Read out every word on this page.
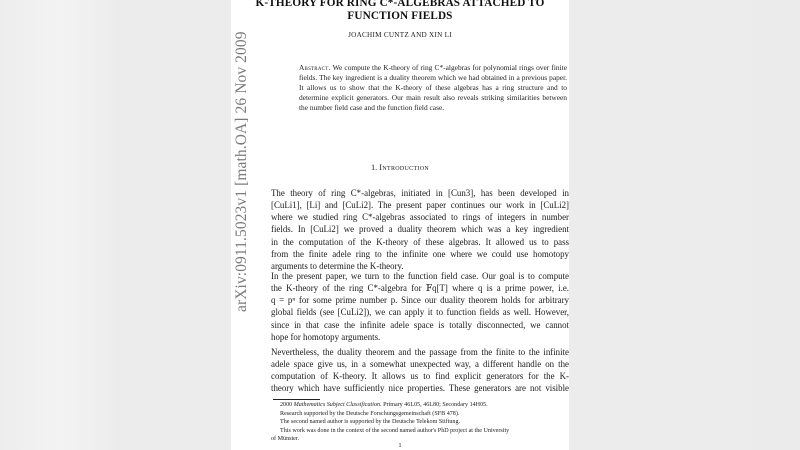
K-THEORY FOR RING C*-ALGEBRAS ATTACHED TO
FUNCTION FIELDS
JOACHIM CUNTZ AND XIN LI
Abstract. We compute the K-theory of ring C*-algebras for polynomial rings over finite fields. The key ingredient is a duality theorem which we had obtained in a previous paper. It allows us to show that the K-theory of these algebras has a ring structure and to determine explicit generators. Our main result also reveals striking similarities between the number field case and the function field case.
1. Introduction
The theory of ring C*-algebras, initiated in [Cun3], has been developed in
[CuLi1], [Li] and [CuLi2]. The present paper continues our work in [CuLi2]
where we studied ring C*-algebras associated to rings of integers in number
fields. In [CuLi2] we proved a duality theorem which was a key ingredient
in the computation of the K-theory of these algebras. It allowed us to pass
from the finite adele ring to the infinite one where we could use homotopy
arguments to determine the K-theory.
In the present paper, we turn to the function field case. Our goal is to compute
the K-theory of the ring C*-algebra for 𝔽q[T] where q is a prime power, i.e.
q = pⁿ for some prime number p. Since our duality theorem holds for arbitrary
global fields (see [CuLi2]), we can apply it to function fields as well. However,
since in that case the infinite adele space is totally disconnected, we cannot
hope for homotopy arguments.
Nevertheless, the duality theorem and the passage from the finite to the infinite
adele space give us, in a somewhat unexpected way, a different handle on the
computation of K-theory. It allows us to find explicit generators for the K-
theory which have sufficiently nice properties. These generators are not visible
2000 Mathematics Subject Classification. Primary 46L05, 46L80; Secondary 14H05.
Research supported by the Deutsche Forschungsgemeinschaft (SFB 478).
The second named author is supported by the Deutsche Telekom Stiftung.
This work was done in the context of the second named author's PhD project at the University
of Münster.
1
arXiv:0911.5023v1 [math.OA] 26 Nov 2009
